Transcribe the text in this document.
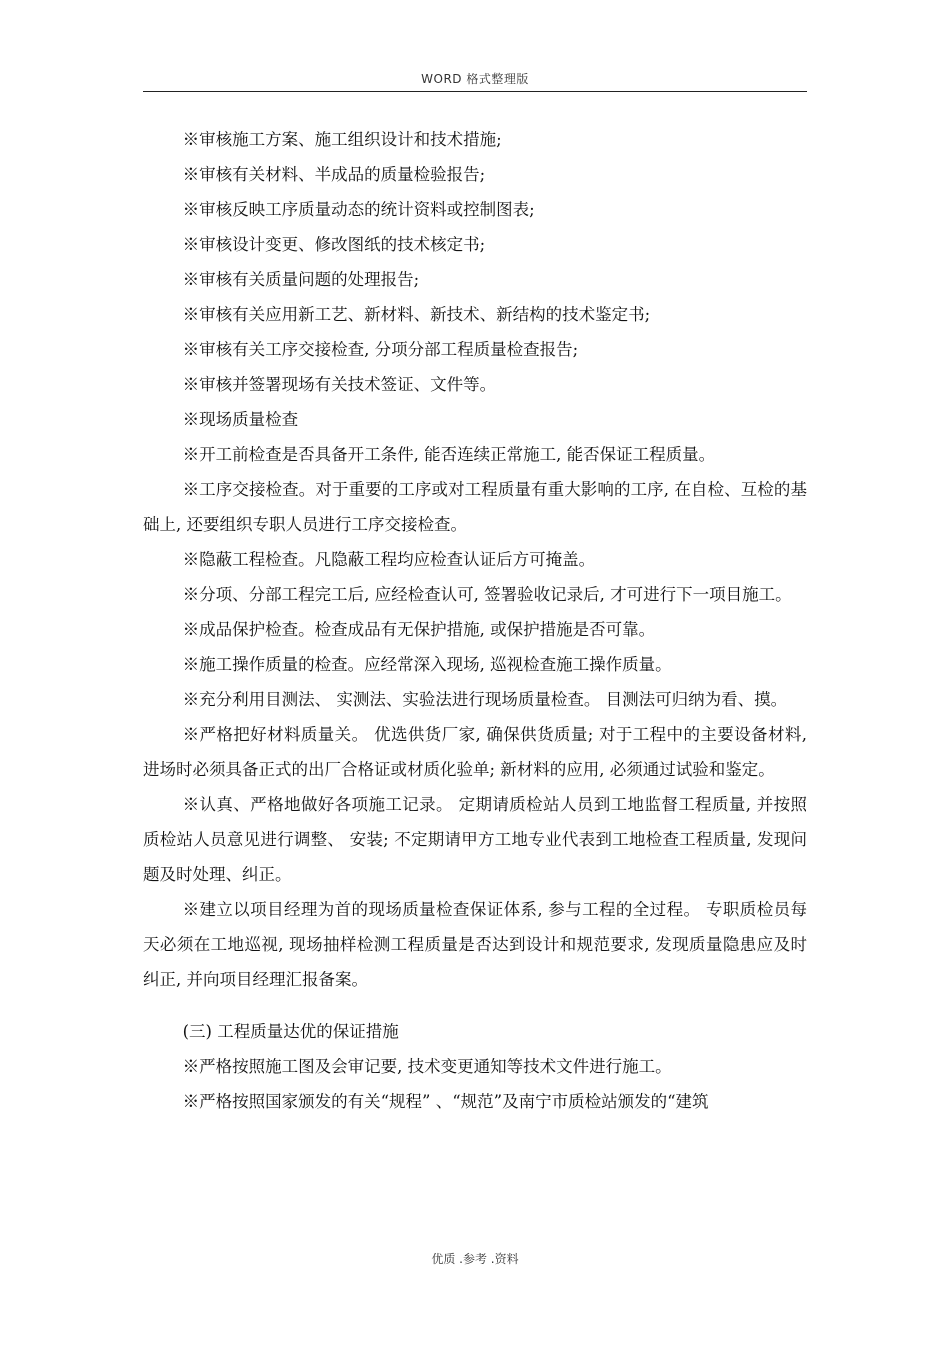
WORD 格式整理版

※审核施工方案、施工组织设计和技术措施;

※审核有关材料、半成品的质量检验报告;

※审核反映工序质量动态的统计资料或控制图表;

※审核设计变更、修改图纸的技术核定书;

※审核有关质量问题的处理报告;

※审核有关应用新工艺、新材料、新技术、新结构的技术鉴定书;

※审核有关工序交接检查, 分项分部工程质量检查报告;

※审核并签署现场有关技术签证、文件等。

※现场质量检查

※开工前检查是否具备开工条件, 能否连续正常施工, 能否保证工程质量。

※工序交接检查。对于重要的工序或对工程质量有重大影响的工序, 在自检、互检的基础上, 还要组织专职人员进行工序交接检查。

※隐蔽工程检查。凡隐蔽工程均应检查认证后方可掩盖。

※分项、分部工程完工后, 应经检查认可, 签署验收记录后, 才可进行下一项目施工。

※成品保护检查。检查成品有无保护措施, 或保护措施是否可靠。

※施工操作质量的检查。应经常深入现场, 巡视检查施工操作质量。

※充分利用目测法、 实测法、实验法进行现场质量检查。 目测法可归纳为看、摸。

※严格把好材料质量关。 优选供货厂家, 确保供货质量; 对于工程中的主要设备材料, 进场时必须具备正式的出厂合格证或材质化验单; 新材料的应用, 必须通过试验和鉴定。

※认真、严格地做好各项施工记录。 定期请质检站人员到工地监督工程质量, 并按照质检站人员意见进行调整、 安装; 不定期请甲方工地专业代表到工地检查工程质量, 发现问题及时处理、纠正。

※建立以项目经理为首的现场质量检查保证体系, 参与工程的全过程。 专职质检员每天必须在工地巡视, 现场抽样检测工程质量是否达到设计和规范要求, 发现质量隐患应及时纠正, 并向项目经理汇报备案。

(三) 工程质量达优的保证措施

※严格按照施工图及会审记要, 技术变更通知等技术文件进行施工。

※严格按照国家颁发的有关“规程” 、“规范”及南宁市质检站颁发的“建筑

优质 .参考 .资料
